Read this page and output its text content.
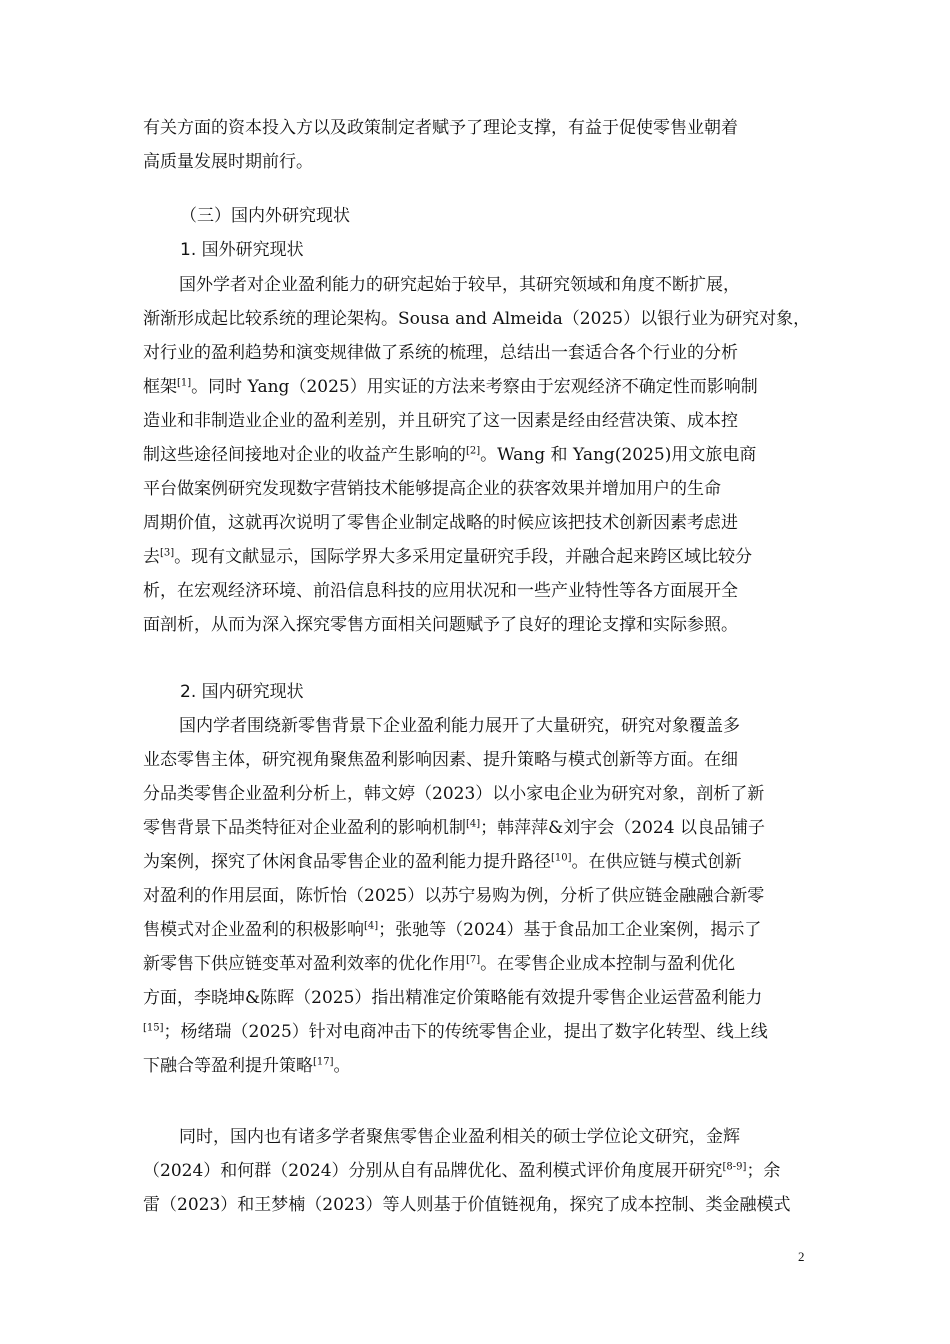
有关方面的资本投入方以及政策制定者赋予了理论支撑，有益于促使零售业朝着
高质量发展时期前行。
（三）国内外研究现状
1. 国外研究现状
国外学者对企业盈利能力的研究起始于较早，其研究领域和角度不断扩展，
渐渐形成起比较系统的理论架构。Sousa and Almeida（2025）以银行业为研究对象，
对行业的盈利趋势和演变规律做了系统的梳理，总结出一套适合各个行业的分析
框架[1]。同时 Yang（2025）用实证的方法来考察由于宏观经济不确定性而影响制
造业和非制造业企业的盈利差别，并且研究了这一因素是经由经营决策、成本控
制这些途径间接地对企业的收益产生影响的[2]。Wang 和 Yang(2025)用文旅电商
平台做案例研究发现数字营销技术能够提高企业的获客效果并增加用户的生命
周期价值，这就再次说明了零售企业制定战略的时候应该把技术创新因素考虑进
去[3]。现有文献显示，国际学界大多采用定量研究手段，并融合起来跨区域比较分
析，在宏观经济环境、前沿信息科技的应用状况和一些产业特性等各方面展开全
面剖析，从而为深入探究零售方面相关问题赋予了良好的理论支撑和实际参照。
2. 国内研究现状
国内学者围绕新零售背景下企业盈利能力展开了大量研究，研究对象覆盖多
业态零售主体，研究视角聚焦盈利影响因素、提升策略与模式创新等方面。在细
分品类零售企业盈利分析上，韩文婷（2023）以小家电企业为研究对象，剖析了新
零售背景下品类特征对企业盈利的影响机制[4]；韩萍萍&刘宇会（2024 以良品铺子
为案例，探究了休闲食品零售企业的盈利能力提升路径[10]。在供应链与模式创新
对盈利的作用层面，陈忻怡（2025）以苏宁易购为例，分析了供应链金融融合新零
售模式对企业盈利的积极影响[4]；张驰等（2024）基于食品加工企业案例，揭示了
新零售下供应链变革对盈利效率的优化作用[7]。在零售企业成本控制与盈利优化
方面，李晓坤&陈晖（2025）指出精准定价策略能有效提升零售企业运营盈利能力
[15]；杨绪瑞（2025）针对电商冲击下的传统零售企业，提出了数字化转型、线上线
下融合等盈利提升策略[17]。
同时，国内也有诸多学者聚焦零售企业盈利相关的硕士学位论文研究，金辉
（2024）和何群（2024）分别从自有品牌优化、盈利模式评价角度展开研究[8-9]；余
雷（2023）和王梦楠（2023）等人则基于价值链视角，探究了成本控制、类金融模式
2
